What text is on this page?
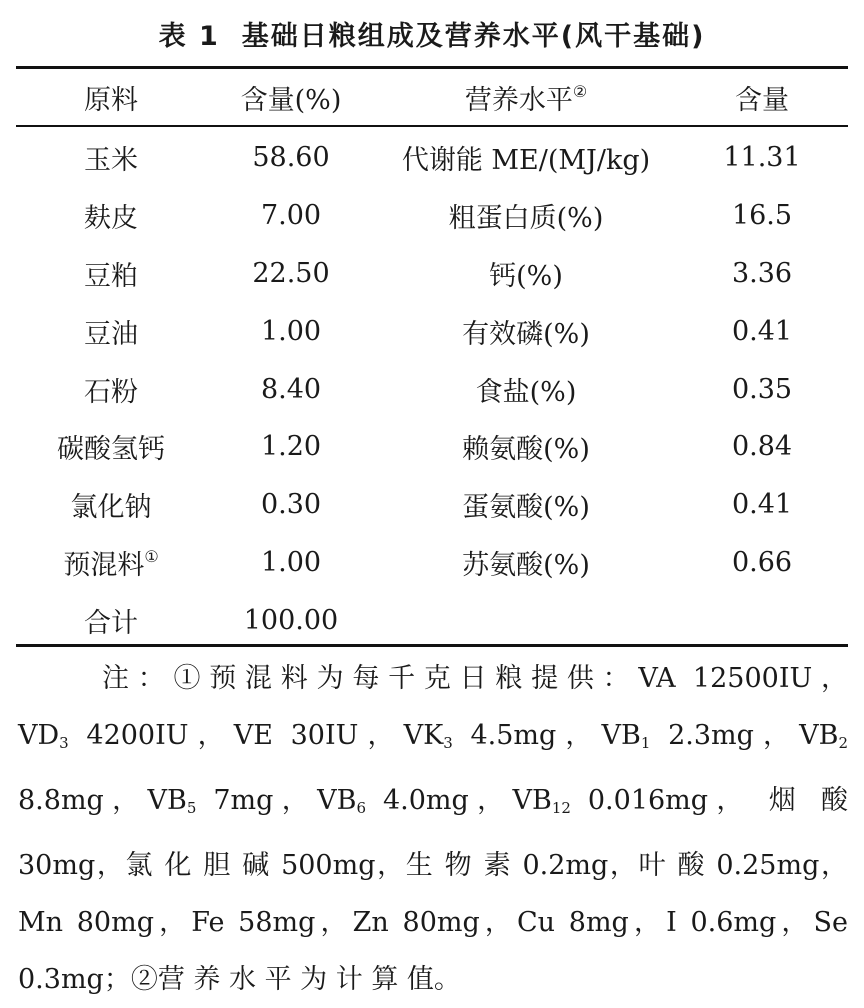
表 1 基础日粮组成及营养水平(风干基础)
原料	含量(%)	营养水平②	含量
玉米	58.60	代谢能 ME/(MJ/kg)	11.31
麸皮	7.00	粗蛋白质(%)	16.5
豆粕	22.50	钙(%)	3.36
豆油	1.00	有效磷(%)	0.41
石粉	8.40	食盐(%)	0.35
碳酸氢钙	1.20	赖氨酸(%)	0.84
氯化钠	0.30	蛋氨酸(%)	0.41
预混料①	1.00	苏氨酸(%)	0.66
合计	100.00		

注：①预混料为每千克日粮提供：VA 12500IU，

$VD_3$ 4200IU，VE 30IU，$VK_3$ 4.5mg，$VB_1$ 2.3mg，$VB_2$

8.8mg，$VB_5$ 7mg，$VB_6$ 4.0mg，$VB_{12}$ 0.016mg， 烟 酸

30mg，氯 化 胆 碱 500mg，生 物 素 0.2mg，叶 酸 0.25mg，

Mn 80mg，Fe 58mg，Zn 80mg，Cu 8mg，I 0.6mg，Se

0.3mg；②营 养 水 平 为 计 算 值。
